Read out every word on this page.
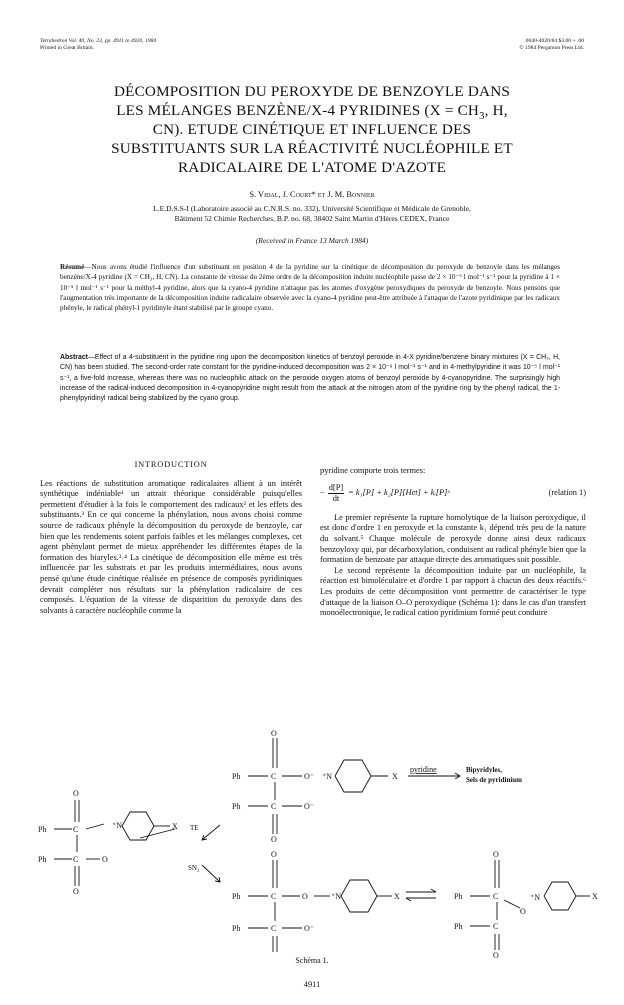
Tetrahedron Vol. 40, No. 23, pp. 4911 to 4920, 1984
Printed in Great Britain.
0040-4020/84 $3.00 + .00
© 1984 Pergamon Press Ltd.
DÉCOMPOSITION DU PEROXYDE DE BENZOYLE DANS
LES MÉLANGES BENZÈNE/X-4 PYRIDINES ($X = CH_3$, H,
CN). ETUDE CINÉTIQUE ET INFLUENCE DES
SUBSTITUANTS SUR LA RÉACTIVITÉ NUCLÉOPHILE ET
RADICALAIRE DE L'ATOME D'AZOTE
S. Vidal, J. Court* et J. M. Bonnier
L.E.D.S.S-I (Laboratoire associé au C.N.R.S. no. 332), Université Scientifique et Médicale de Grenoble,
Bâtiment 52 Chimie Recherches, B.P. no. 68, 38402 Saint Martin d'Hères CEDEX, France
(Received in France 13 March 1984)
Résumé—Nous avons étudié l'influence d'un substituant en position 4 de la pyridine sur la cinétique de décomposition du peroxyde de benzoyle dans les mélanges benzène/X-4 pyridine (X = CH₃, H, CN). La constante de vitesse du 2ème ordre de la décomposition induite nucléophile passe de 2 × 10⁻⁶ l mol⁻¹ s⁻¹ pour la pyridine à 1 × 10⁻⁵ l mol⁻¹ s⁻¹ pour la méthyl-4 pyridine, alors que la cyano-4 pyridine n'attaque pas les atomes d'oxygène peroxydiques du peroxyde de benzoyle. Nous pensons que l'augmentation très importante de la décomposition induite radicalaire observée avec la cyano-4 pyridine peut-être attribuée à l'attaque de l'azote pyridinique par les radicaux phényle, le radical phényl-1 pyridinyle étant stabilisé par le groupe cyano.
Abstract—Effect of a 4-substituent in the pyridine ring upon the decomposition kinetics of benzoyl peroxide in 4-X pyridine/benzene binary mixtures (X = CH₃, H, CN) has been studied. The second-order rate constant for the pyridine-induced decomposition was 2 × 10⁻⁶ l mol⁻¹ s⁻¹ and in 4-methylpyridine it was 10⁻⁵ l mol⁻¹ s⁻¹, a five-fold increase, whereas there was no nucleophilic attack on the peroxide oxygen atoms of benzoyl peroxide by 4-cyanopyridine. The surprisingly high increase of the radical-induced decomposition in 4-cyanopyridine might result from the attack at the nitrogen atom of the pyridine ring by the phenyl radical, the 1-phenylpyridinyl radical being stabilized by the cyano group.
INTRODUCTION

Les réactions de substitution aromatique radicalaires allient à un intérêt synthétique indéniable¹ un attrait théorique considérable puisqu'elles permettent d'étudier à la fois le comportement des radicaux² et les effets des substituants.³ En ce qui concerne la phénylation, nous avons choisi comme source de radicaux phényle la décomposition du peroxyde de benzoyle, car bien que les rendements soient parfois faibles et les mélanges complexes, cet agent phénylant permet de mieux appréhender les différentes étapes de la formation des biaryles.³˒⁴ La cinétique de décomposition elle même est très influencée par les substrats et par les produits intermédiaires, nous avons pensé qu'une étude cinétique réalisée en présence de composés pyridiniques devrait compléter nos résultats sur la phénylation radicalaire de ces composés. L'équation de la vitesse de disparition du peroxyde dans des solvants à caractère nucléophile comme la

pyridine comporte trois termes:

− $\frac{d[P]}{dt} = k_1[P] + k_2[P][Het]$ + kᵢ[P]ˣ	(relation 1)

Le premier représente la rupture homolytique de la liaison peroxydique, il est donc d'ordre 1 en peroxyde et la constante k₁ dépend très peu de la nature du solvant.⁵ Chaque molécule de peroxyde donne ainsi deux radicaux benzoyloxy qui, par décarboxylation, conduisent au radical phényle bien que la formation de benzoate par attaque directe des aromatiques soit possible.

Le second représente la décomposition induite par un nucléophile, la réaction est bimoléculaire et d'ordre 1 par rapport à chacun des deux réactifs.⁶ Les produits de cette décomposition vont permettre de caractériser le type d'attaque de la liaison O–O peroxydique (Schéma 1): dans le cas d'un transfert monoélectronique, le radical cation pyridinium formé peut conduire

Ph	C	O⁻
O
⁺N	X
Ph	C	O⁻
O
pyridine	Bipyridyles,
Sels de pyridinium
TE
SN₂
Ph	C
O
⁺N	X
Ph	C	O
O
Ph	C
O
O	⁺N	X
Ph	C	O⁻
Ph	C
O
O
⁺N	X
Ph	C
O
Schéma 1.
4911
